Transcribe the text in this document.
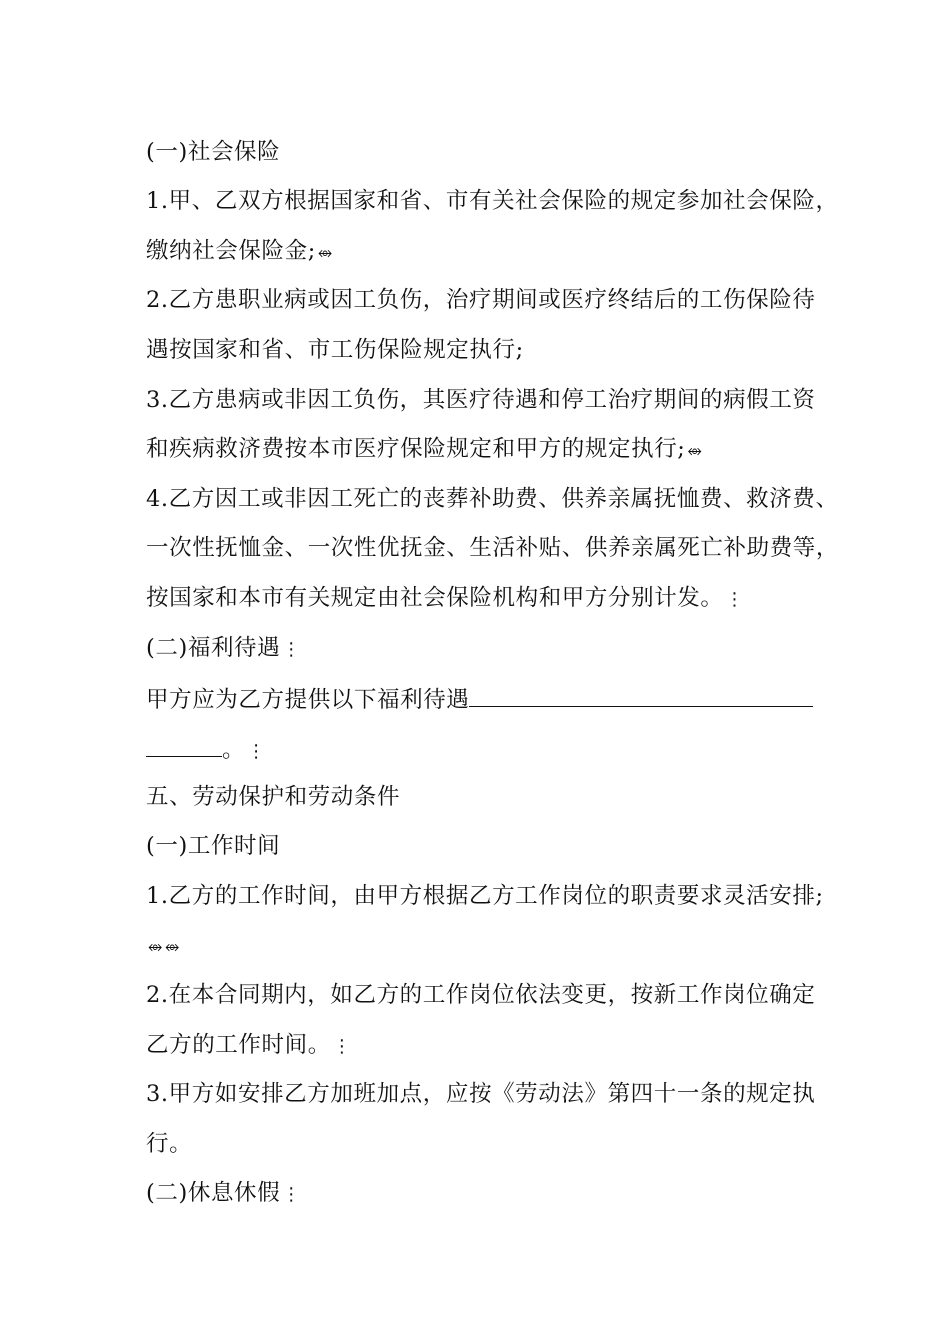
(一)社会保险
1.甲、乙双方根据国家和省、市有关社会保险的规定参加社会保险，
缴纳社会保险金; ⥈
2.乙方患职业病或因工负伤，治疗期间或医疗终结后的工伤保险待
遇按国家和省、市工伤保险规定执行;
3.乙方患病或非因工负伤，其医疗待遇和停工治疗期间的病假工资
和疾病救济费按本市医疗保险规定和甲方的规定执行; ⥈
4.乙方因工或非因工死亡的丧葬补助费、供养亲属抚恤费、救济费、
一次性抚恤金、一次性优抚金、生活补贴、供养亲属死亡补助费等，
按国家和本市有关规定由社会保险机构和甲方分别计发。 ⋮
(二)福利待遇 ⋮
甲方应为乙方提供以下福利待遇
。 ⋮
五、劳动保护和劳动条件
(一)工作时间
1.乙方的工作时间，由甲方根据乙方工作岗位的职责要求灵活安排;
⥈ ⥈
2.在本合同期内，如乙方的工作岗位依法变更，按新工作岗位确定
乙方的工作时间。 ⋮
3.甲方如安排乙方加班加点，应按《劳动法》第四十一条的规定执
行。
(二)休息休假 ⋮
